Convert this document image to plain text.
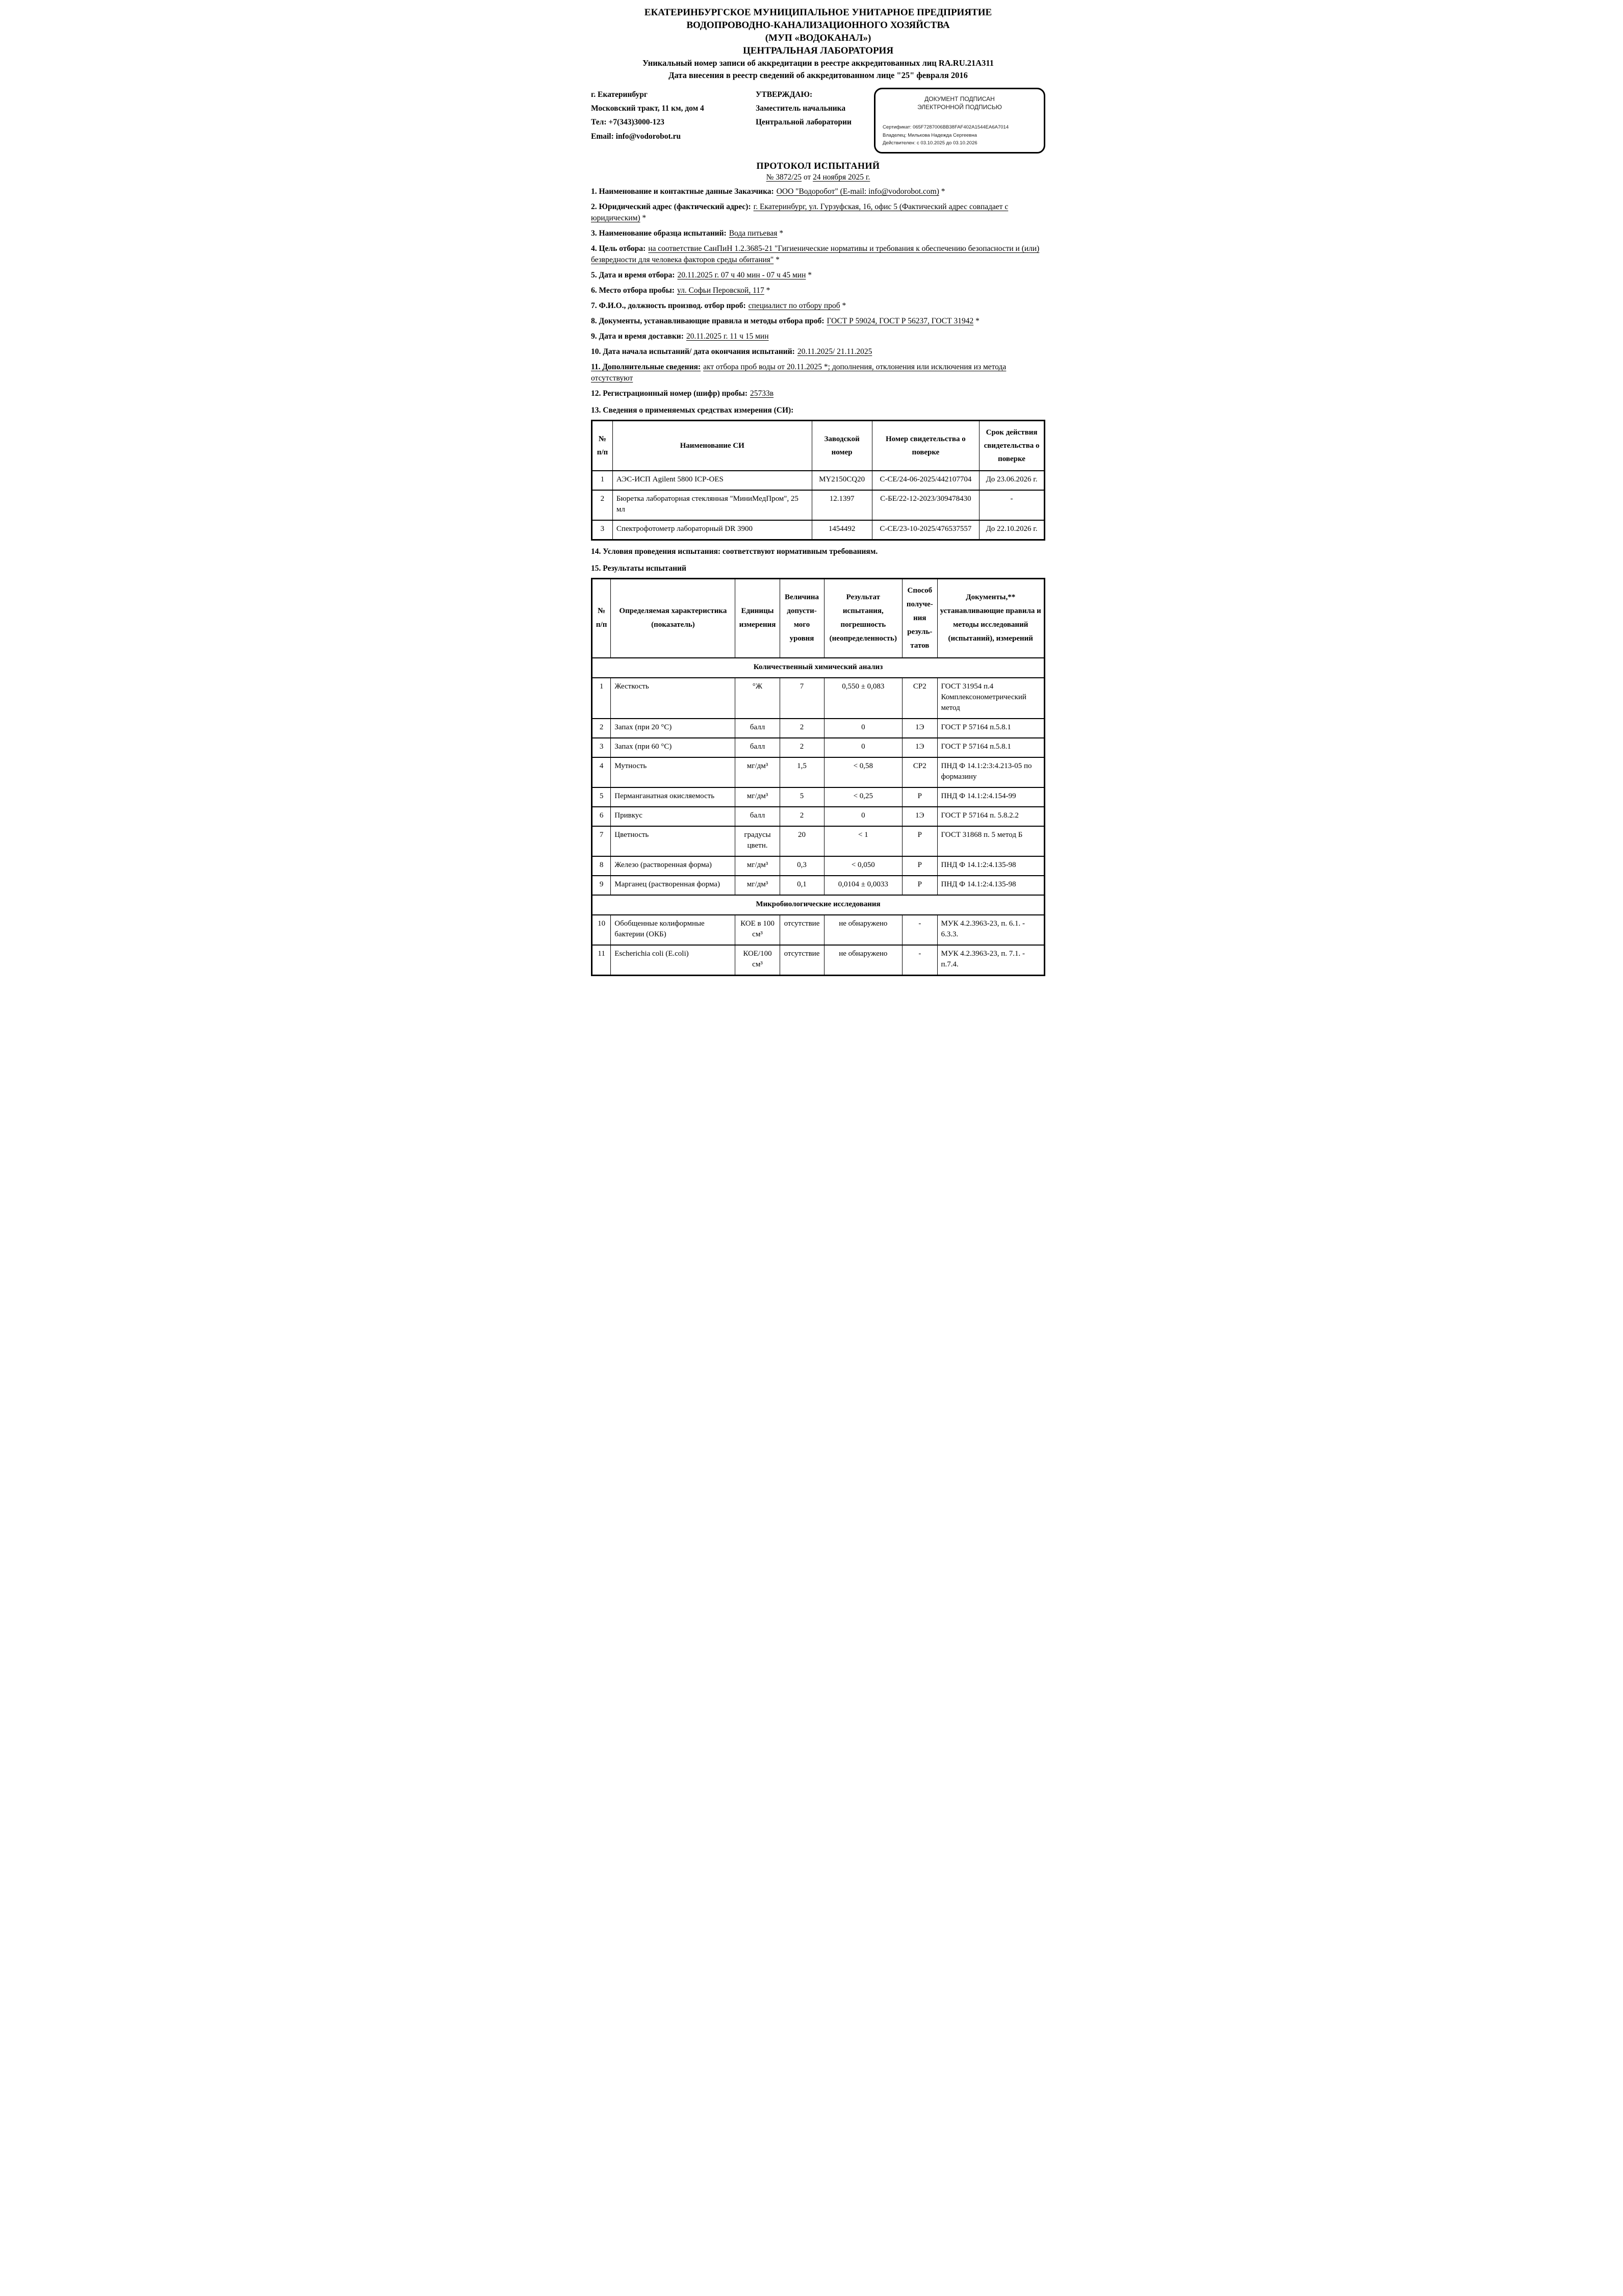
ЕКАТЕРИНБУРГСКОЕ МУНИЦИПАЛЬНОЕ УНИТАРНОЕ ПРЕДПРИЯТИЕ
ВОДОПРОВОДНО-КАНАЛИЗАЦИОННОГО ХОЗЯЙСТВА
(МУП «ВОДОКАНАЛ»)
ЦЕНТРАЛЬНАЯ ЛАБОРАТОРИЯ
Уникальный номер записи об аккредитации в реестре аккредитованных лиц RA.RU.21А311
Дата внесения в реестр сведений об аккредитованном лице "25" февраля 2016
г. Екатеринбург
Московский тракт, 11 км, дом 4
Тел: +7(343)3000-123
Email: info@vodorobot.ru
УТВЕРЖДАЮ:
Заместитель начальника
Центральной лаборатории
ДОКУМЕНТ ПОДПИСАН
ЭЛЕКТРОННОЙ ПОДПИСЬЮ
Сертификат: 065F7287006BB38FAF402A1544EA6A7014
Владелец: Милькова Надежда Сергеевна
Действителен: с 03.10.2025 до 03.10.2026
ПРОТОКОЛ ИСПЫТАНИЙ
№ 3872/25 от 24 ноября 2025 г.
1. Наименование и контактные данные Заказчика: ООО "Водоробот" (E-mail: info@vodorobot.com) *
2. Юридический адрес (фактический адрес): г. Екатеринбург, ул. Гурзуфская, 16, офис 5 (Фактический адрес совпадает с юридическим) *
3. Наименование образца испытаний: Вода питьевая *
4. Цель отбора: на соответствие СанПиН 1.2.3685-21 "Гигиенические нормативы и требования к обеспечению безопасности и (или) безвредности для человека факторов среды обитания" *
5. Дата и время отбора: 20.11.2025 г. 07 ч 40 мин - 07 ч 45 мин *
6. Место отбора пробы: ул. Софьи Перовской, 117 *
7. Ф.И.О., должность производ. отбор проб: специалист по отбору проб *
8. Документы, устанавливающие правила и методы отбора проб: ГОСТ Р 59024, ГОСТ Р 56237, ГОСТ 31942 *
9. Дата и время доставки: 20.11.2025 г. 11 ч 15 мин
10. Дата начала испытаний/ дата окончания испытаний: 20.11.2025/ 21.11.2025
11. Дополнительные сведения: акт отбора проб воды от 20.11.2025 *; дополнения, отклонения или исключения из метода отсутствуют
12. Регистрационный номер (шифр) пробы: 25733в
13. Сведения о применяемых средствах измерения (СИ):
№ п/п	Наименование СИ	Заводской номер	Номер свидетельства о поверке	Срок действия свидетельства о поверке
1	АЭС-ИСП Agilent 5800 ICP-OES	MY2150CQ20	С-СЕ/24-06-2025/442107704	До 23.06.2026 г.
2	Бюретка лабораторная стеклянная "МиниМедПром", 25 мл	12.1397	С-БЕ/22-12-2023/309478430	-
3	Спектрофотометр лабораторный DR 3900	1454492	С-СЕ/23-10-2025/476537557	До 22.10.2026 г.
14. Условия проведения испытания: соответствуют нормативным требованиям.
15. Результаты испытаний
№ п/п	Определяемая характеристика (показатель)	Единицы измерения	Величина допусти- мого уровня	Результат испытания, погрешность (неопределенность)	Способ получе- ния резуль- татов	Документы,** устанавливающие правила и методы исследований (испытаний), измерений
Количественный химический анализ						
1	Жесткость	°Ж	7	0,550 ± 0,083	СР2	ГОСТ 31954 п.4 Комплексонометрический метод
2	Запах (при 20 °С)	балл	2	0	1Э	ГОСТ Р 57164 п.5.8.1
3	Запах (при 60 °С)	балл	2	0	1Э	ГОСТ Р 57164 п.5.8.1
4	Мутность	мг/дм³	1,5	< 0,58	СР2	ПНД Ф 14.1:2:3:4.213-05 по формазину
5	Перманганатная окисляемость	мг/дм³	5	< 0,25	Р	ПНД Ф 14.1:2:4.154-99
6	Привкус	балл	2	0	1Э	ГОСТ Р 57164 п. 5.8.2.2
7	Цветность	градусы цветн.	20	< 1	Р	ГОСТ 31868 п. 5 метод Б
8	Железо (растворенная форма)	мг/дм³	0,3	< 0,050	Р	ПНД Ф 14.1:2:4.135-98
9	Марганец (растворенная форма)	мг/дм³	0,1	0,0104 ± 0,0033	Р	ПНД Ф 14.1:2:4.135-98
Микробиологические исследования						
10	Обобщенные колиформные бактерии (ОКБ)	КОЕ в 100 см³	отсутствие	не обнаружено	-	МУК 4.2.3963-23, п. 6.1. - 6.3.3.
11	Escherichia coli (E.coli)	КОЕ/100 см³	отсутствие	не обнаружено	-	МУК 4.2.3963-23, п. 7.1. - п.7.4.
